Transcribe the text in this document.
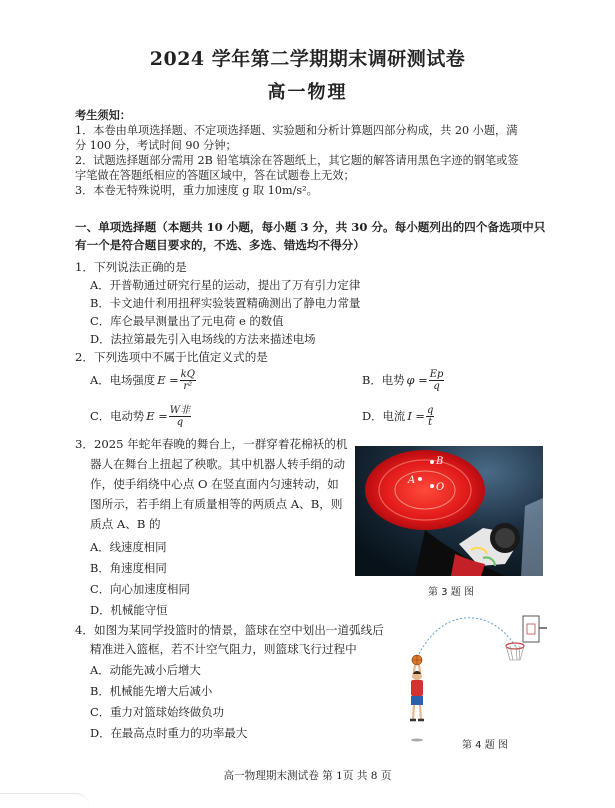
2024 学年第二学期期末调研测试卷
高一物理
考生须知：
1．本卷由单项选择题、不定项选择题、实验题和分析计算题四部分构成，共 20 小题，满
分 100 分，考试时间 90 分钟；
2．试题选择题部分需用 2B 铅笔填涂在答题纸上，其它题的解答请用黑色字迹的钢笔或签
字笔做在答题纸相应的答题区域中，答在试题卷上无效；
3．本卷无特殊说明，重力加速度 g 取 10m/s²。
一、单项选择题（本题共 10 小题，每小题 3 分，共 30 分。每小题列出的四个备选项中只
有一个是符合题目要求的，不选、多选、错选均不得分）
1．下列说法正确的是
A．开普勒通过研究行星的运动，提出了万有引力定律
B．卡文迪什利用扭秤实验装置精确测出了静电力常量
C．库仑最早测量出了元电荷 e 的数值
D．法拉第最先引入电场线的方法来描述电场
2．下列选项中不属于比值定义式的是
A．电场强度 $E = \frac{kQ}{\text{r²}}$	B．电势 $\varphi = \frac{Ep}{q}$
C．电动势 $E = \frac{\text{W非}}{q}$	D．电流 $I = \frac{q}{t}$
3．2025 年蛇年春晚的舞台上，一群穿着花棉袄的机
器人在舞台上扭起了秧歌。其中机器人转手绢的动
作，使手绢绕中心点 O 在竖直面内匀速转动，如
图所示，若手绢上有质量相等的两质点 A、B，则
质点 A、B 的
A．线速度相同
B．角速度相同
C．向心加速度相同
D．机械能守恒
B
A
O
第 3 题 图
4．如图为某同学投篮时的情景，篮球在空中划出一道弧线后
精准进入篮框，若不计空气阻力，则篮球飞行过程中
A．动能先减小后增大
B．机械能先增大后减小
C．重力对篮球始终做负功
D．在最高点时重力的功率最大
第 4 题 图
高一物理期末测试卷 第 1页 共 8 页
